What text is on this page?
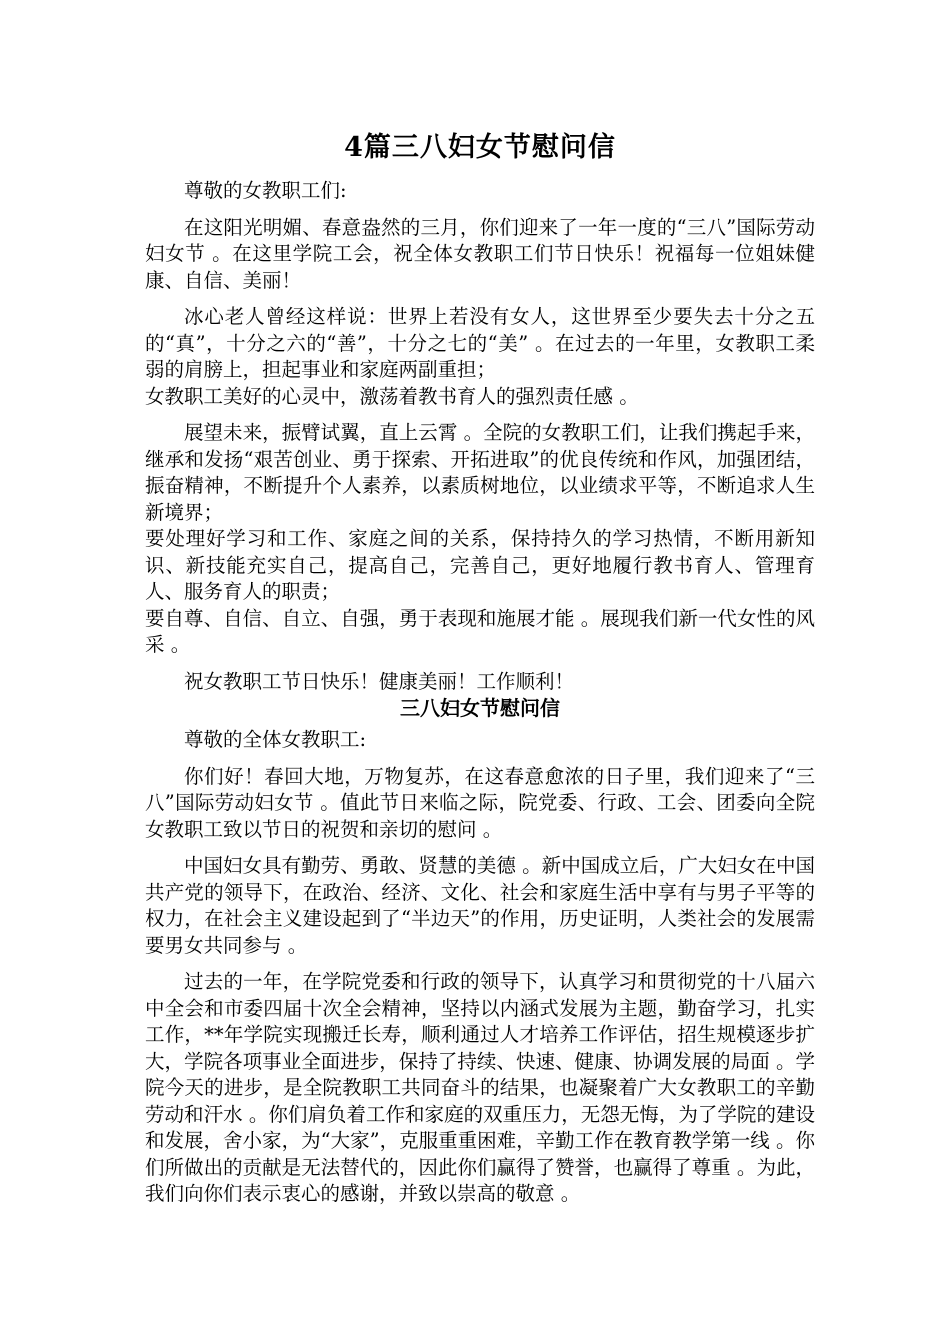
4篇三八妇女节慰问信

尊敬的女教职工们:

在这阳光明媚、春意盎然的三月，你们迎来了一年一度的“三八”国际劳动妇女节 。在这里学院工会，祝全体女教职工们节日快乐！祝福每一位姐妹健康、自信、美丽！

冰心老人曾经这样说：世界上若没有女人，这世界至少要失去十分之五的“真”，十分之六的“善”，十分之七的“美” 。在过去的一年里，女教职工柔弱的肩膀上，担起事业和家庭两副重担；

女教职工美好的心灵中，激荡着教书育人的强烈责任感 。

展望未来，振臂试翼，直上云霄 。全院的女教职工们，让我们携起手来，继承和发扬“艰苦创业、勇于探索、开拓进取”的优良传统和作风，加强团结，振奋精神，不断提升个人素养，以素质树地位，以业绩求平等，不断追求人生新境界；

要处理好学习和工作、家庭之间的关系，保持持久的学习热情，不断用新知识、新技能充实自己，提高自己，完善自己，更好地履行教书育人、管理育人、服务育人的职责；

要自尊、自信、自立、自强，勇于表现和施展才能 。展现我们新一代女性的风采 。

祝女教职工节日快乐！健康美丽！工作顺利！

三八妇女节慰问信

尊敬的全体女教职工:

你们好！春回大地，万物复苏，在这春意愈浓的日子里，我们迎来了“三八”国际劳动妇女节 。值此节日来临之际，院党委、行政、工会、团委向全院女教职工致以节日的祝贺和亲切的慰问 。

中国妇女具有勤劳、勇敢、贤慧的美德 。新中国成立后，广大妇女在中国共产党的领导下，在政治、经济、文化、社会和家庭生活中享有与男子平等的权力，在社会主义建设起到了“半边天”的作用，历史证明，人类社会的发展需要男女共同参与 。

过去的一年，在学院党委和行政的领导下，认真学习和贯彻党的十八届六中全会和市委四届十次全会精神，坚持以内涵式发展为主题，勤奋学习，扎实工作，**年学院实现搬迁长寿，顺利通过人才培养工作评估，招生规模逐步扩大，学院各项事业全面进步，保持了持续、快速、健康、协调发展的局面 。学院今天的进步，是全院教职工共同奋斗的结果，也凝聚着广大女教职工的辛勤劳动和汗水 。你们肩负着工作和家庭的双重压力，无怨无悔，为了学院的建设和发展，舍小家，为“大家”，克服重重困难，辛勤工作在教育教学第一线 。你们所做出的贡献是无法替代的，因此你们赢得了赞誉，也赢得了尊重 。为此，我们向你们表示衷心的感谢，并致以崇高的敬意 。
